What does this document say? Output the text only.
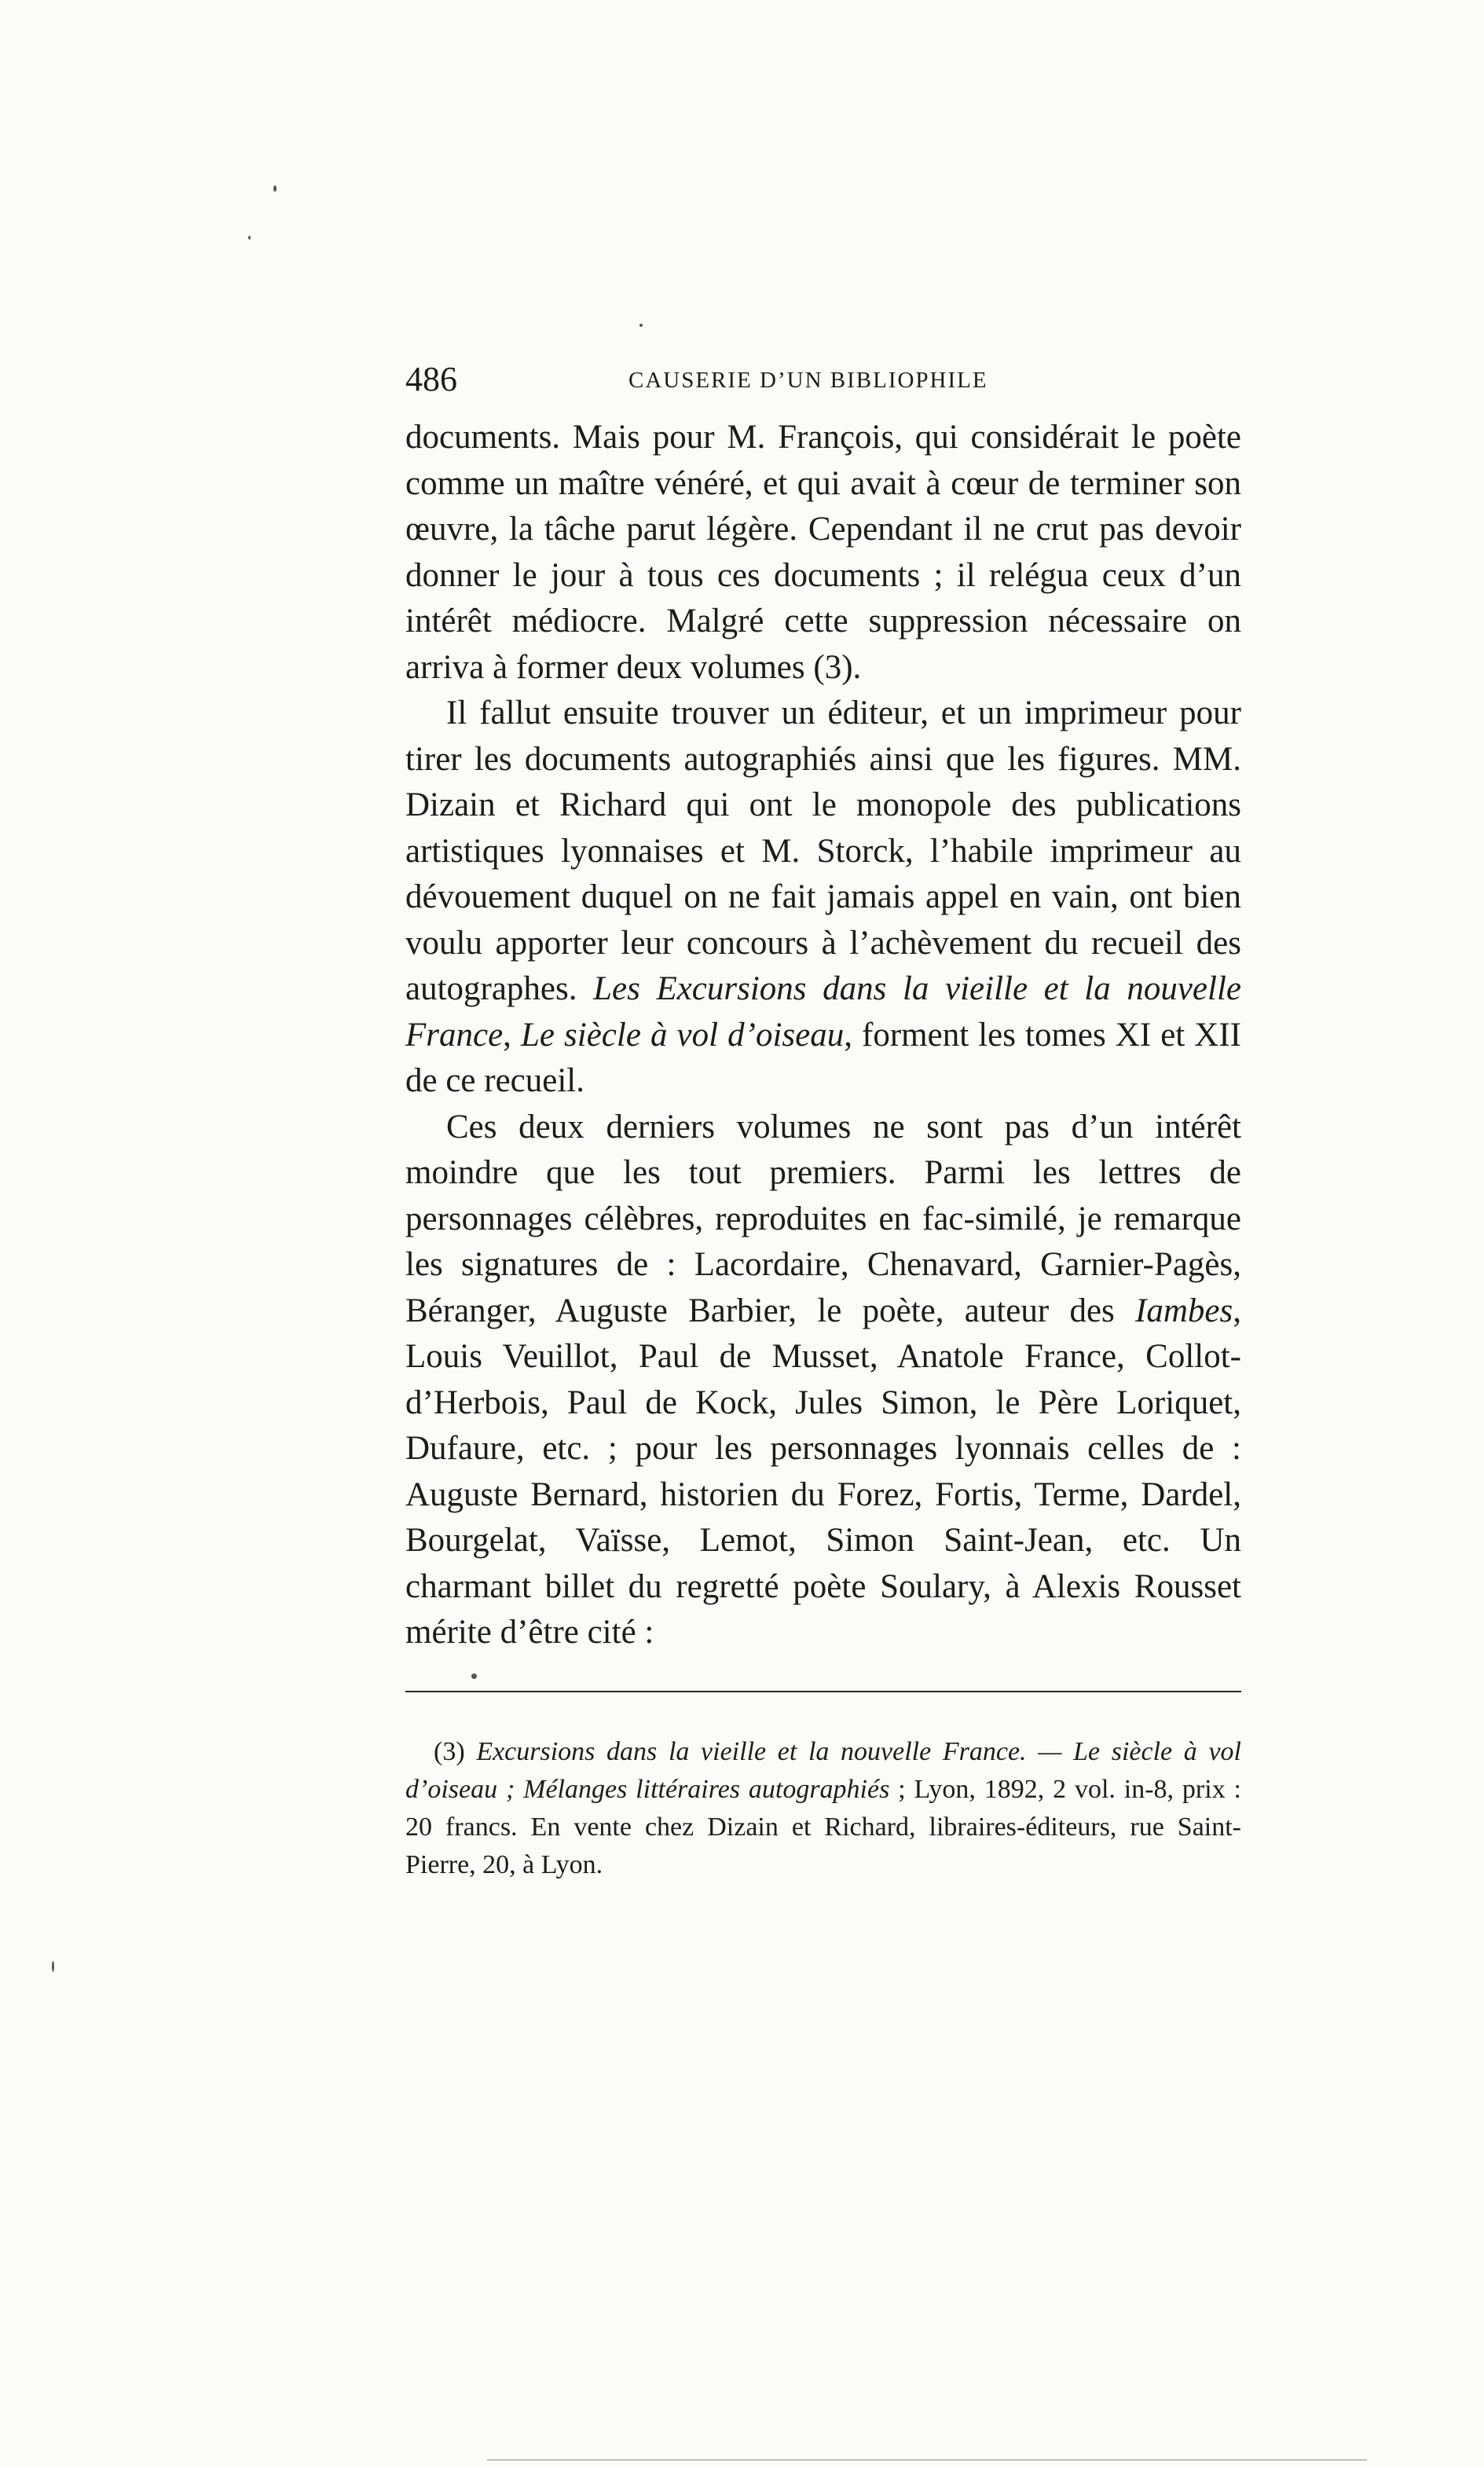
486	CAUSERIE D’UN BIBLIOPHILE

documents. Mais pour M. François, qui considérait le poète comme un maître vénéré, et qui avait à cœur de terminer son œuvre, la tâche parut légère. Cependant il ne crut pas devoir donner le jour à tous ces documents ; il relégua ceux d’un intérêt médiocre. Malgré cette suppression nécessaire on arriva à former deux volumes (3).

Il fallut ensuite trouver un éditeur, et un imprimeur pour tirer les documents autographiés ainsi que les figures. MM. Dizain et Richard qui ont le monopole des publications artistiques lyonnaises et M. Storck, l’habile imprimeur au dévouement duquel on ne fait jamais appel en vain, ont bien voulu apporter leur concours à l’achèvement du recueil des autographes. Les Excursions dans la vieille et la nouvelle France, Le siècle à vol d’oiseau, forment les tomes XI et XII de ce recueil.

Ces deux derniers volumes ne sont pas d’un intérêt moindre que les tout premiers. Parmi les lettres de personnages célèbres, reproduites en fac-similé, je remarque les signatures de : Lacordaire, Chenavard, Garnier-Pagès, Béranger, Auguste Barbier, le poète, auteur des Iambes, Louis Veuillot, Paul de Musset, Anatole France, Collot-d’Herbois, Paul de Kock, Jules Simon, le Père Loriquet, Dufaure, etc. ; pour les personnages lyonnais celles de : Auguste Bernard, historien du Forez, Fortis, Terme, Dardel, Bourgelat, Vaïsse, Lemot, Simon Saint-Jean, etc. Un charmant billet du regretté poète Soulary, à Alexis Rousset mérite d’être cité :

(3) Excursions dans la vieille et la nouvelle France. — Le siècle à vol d’oiseau ; Mélanges littéraires autographiés ; Lyon, 1892, 2 vol. in-8, prix : 20 francs. En vente chez Dizain et Richard, libraires-éditeurs, rue Saint-Pierre, 20, à Lyon.
